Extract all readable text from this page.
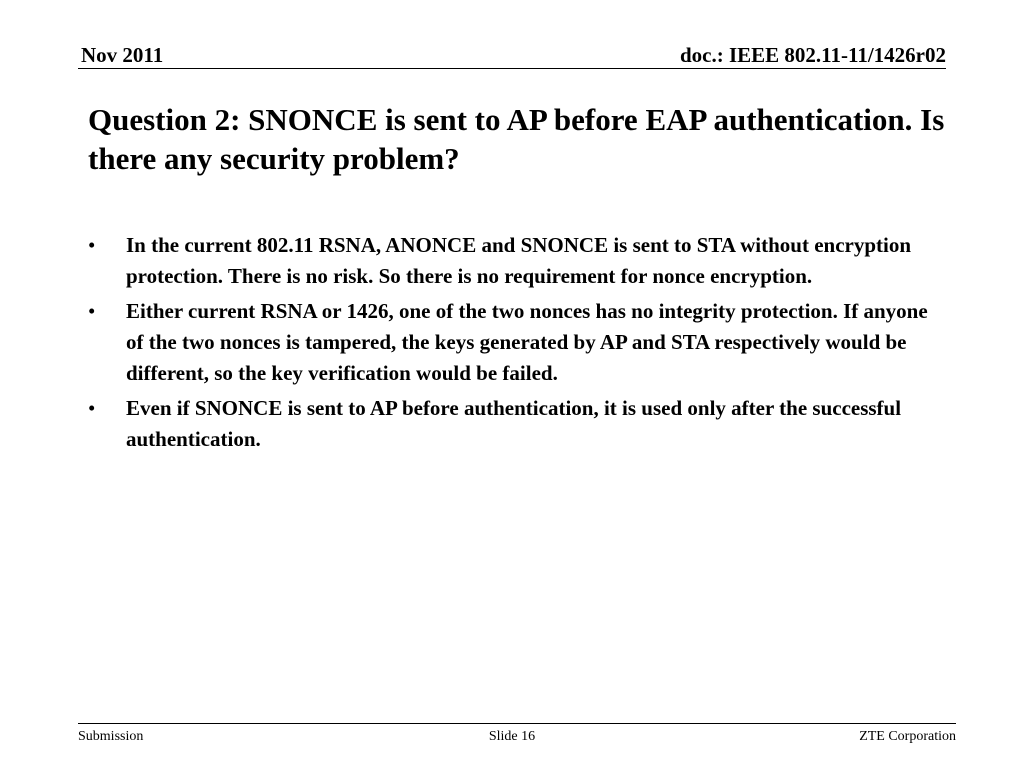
Nov 2011	doc.: IEEE 802.11-11/1426r02
Question 2: SNONCE is sent to AP before EAP authentication. Is there any security problem?
•	In the current 802.11 RSNA, ANONCE and SNONCE is sent to STA without encryption protection. There is no risk. So there is no requirement for nonce encryption.
•	Either current RSNA or 1426, one of the two nonces has no integrity protection. If anyone of the two nonces is tampered, the keys generated by AP and STA respectively would be different, so the key verification would be failed.
•	Even if SNONCE is sent to AP before authentication, it is used only after the successful authentication.
Submission	Slide 16	ZTE Corporation
